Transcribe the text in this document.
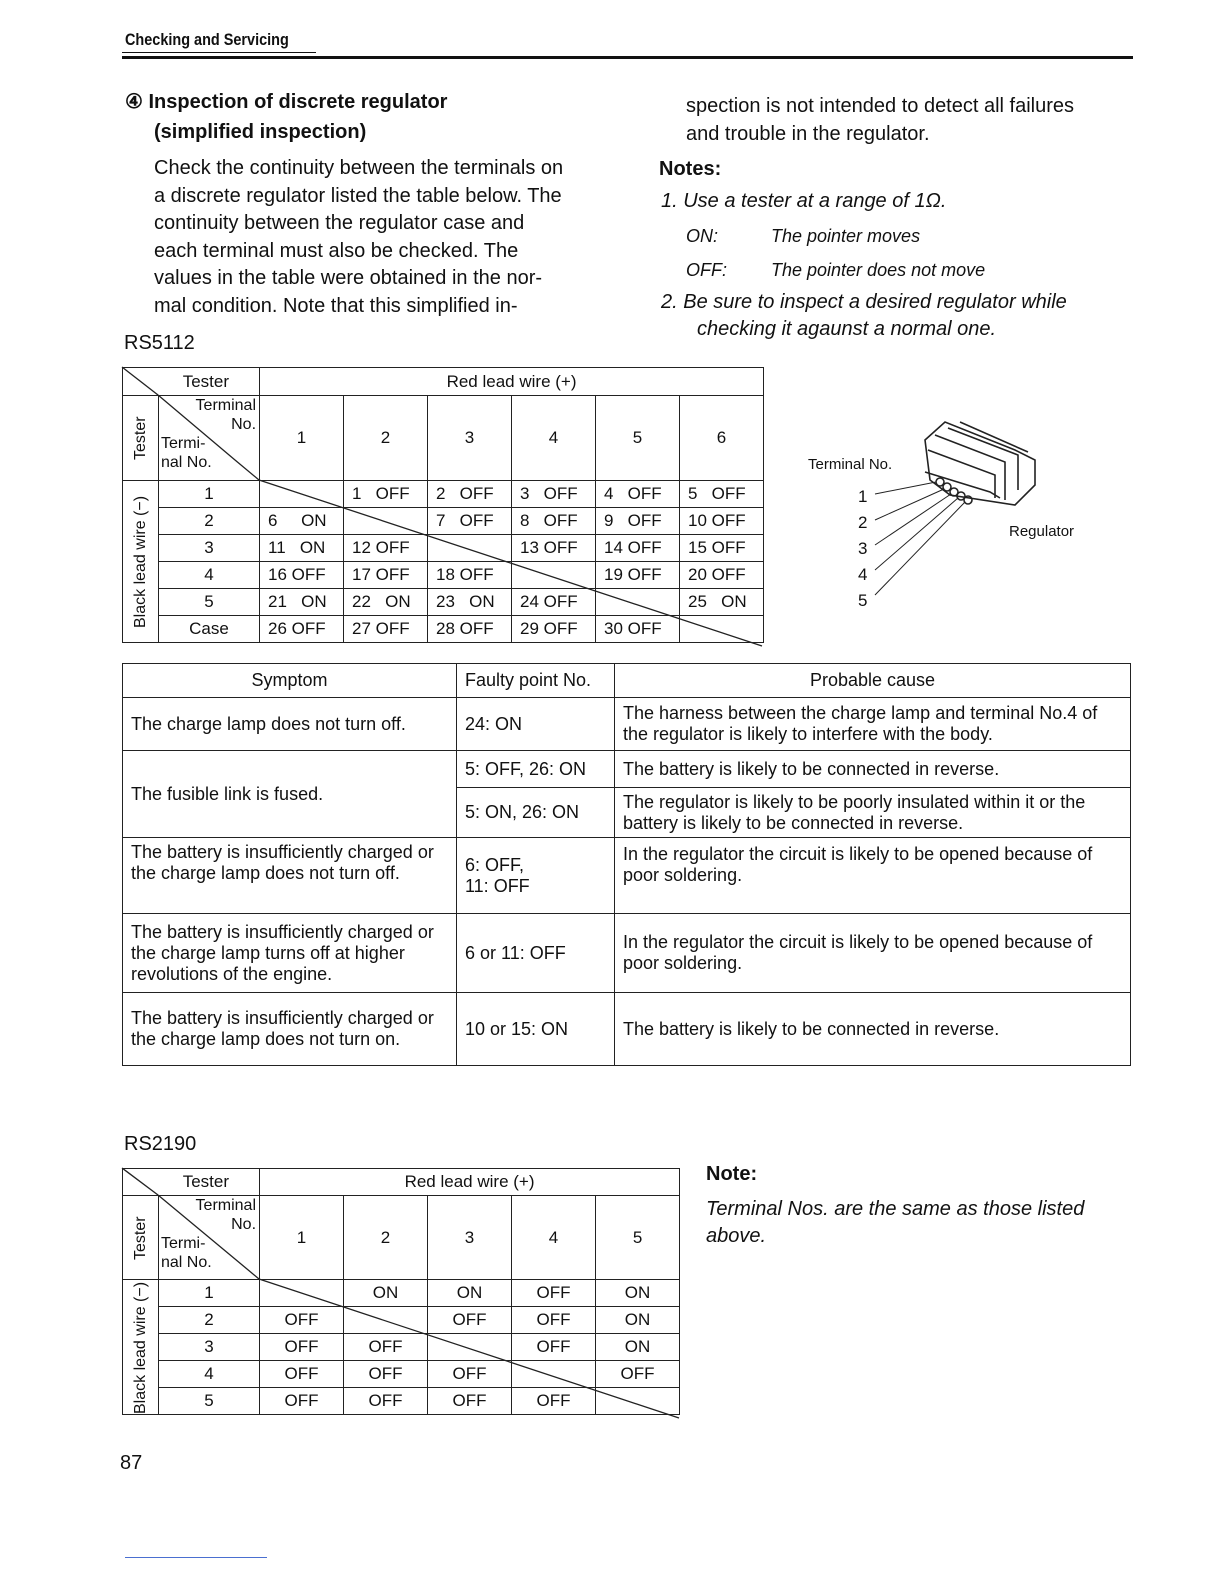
Checking and Servicing
④ Inspection of discrete regulator
(simplified inspection)
Check the continuity between the terminals on
a discrete regulator listed the table below. The
continuity between the regulator case and
each terminal must also be checked. The
values in the table were obtained in the nor-
mal condition. Note that this simplified in-
spection is not intended to detect all failures
and trouble in the regulator.
Notes:
1. Use a tester at a range of 1Ω.
ON:	The pointer moves
OFF: The pointer does not move
2. Be sure to inspect a desired regulator while
checking it agaunst a normal one.
RS5112
Tester		Red lead wire (+)					
Tester	Terminal
No.
Termi-
nal No.	1	2	3	4	5	6
Black lead wire (−)	1		1   OFF	2   OFF	3   OFF	4   OFF	5   OFF
	2	6     ON		7   OFF	8   OFF	9   OFF	10 OFF
	3	11   ON	12 OFF		13 OFF	14 OFF	15 OFF
	4	16 OFF	17 OFF	18 OFF		19 OFF	20 OFF
	5	21   ON	22   ON	23   ON	24 OFF		25   ON
	Case	26 OFF	27 OFF	28 OFF	29 OFF	30 OFF	
Terminal No.
Regulator
1
2
3
4
5
Symptom	Faulty point No.	Probable cause
The charge lamp does not turn off.	24: ON	The harness between the charge lamp and terminal No.4 of the regulator is likely to interfere with the body.
The fusible link is fused.	5: OFF, 26: ON	The battery is likely to be connected in reverse.
	5: ON, 26: ON	The regulator is likely to be poorly insulated within it or the battery is likely to be connected in reverse.
The battery is insufficiently charged or the charge lamp does not turn off.	6: OFF,
11: OFF	In the regulator the circuit is likely to be opened because of poor soldering.
The battery is insufficiently charged or the charge lamp turns off at higher revolutions of the engine.	6 or 11: OFF	In the regulator the circuit is likely to be opened because of poor soldering.
The battery is insufficiently charged or the charge lamp does not turn on.	10 or 15: ON	The battery is likely to be connected in reverse.
RS2190
Tester		Red lead wire (+)				
Tester	Terminal
No.
Termi-
nal No.	1	2	3	4	5
Black lead wire (−)	1		ON	ON	OFF	ON
	2	OFF		OFF	OFF	ON
	3	OFF	OFF		OFF	ON
	4	OFF	OFF	OFF		OFF
	5	OFF	OFF	OFF	OFF	
Note:
Terminal Nos. are the same as those listed
above.
87
